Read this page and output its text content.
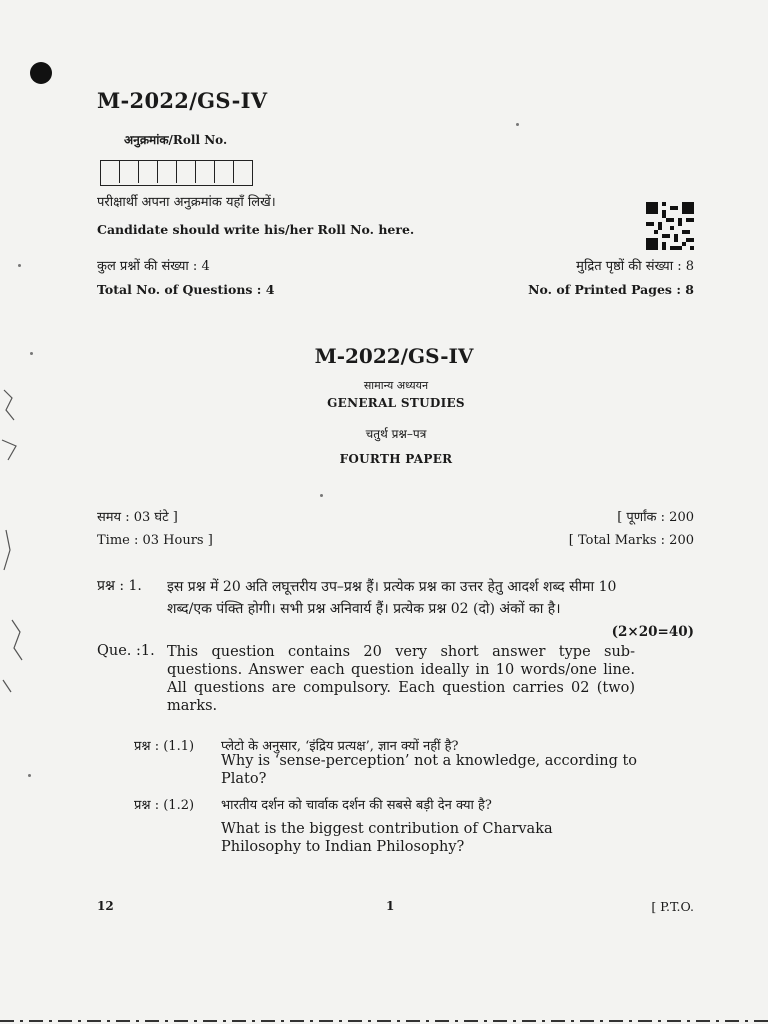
M-2022/GS-IV
अनुक्रमांक/Roll No.
परीक्षार्थी अपना अनुक्रमांक यहाँ लिखें।
Candidate should write his/her Roll No. here.
कुल प्रश्नों की संख्या : 4
Total No. of Questions : 4
मुद्रित पृष्ठों की संख्या : 8
No. of Printed Pages : 8
M-2022/GS-IV
सामान्य अध्ययन
GENERAL STUDIES
चतुर्थ प्रश्न–पत्र
FOURTH PAPER
समय : 03 घंटे ]
Time : 03 Hours ]
[ पूर्णांक : 200
[ Total Marks : 200
प्रश्न : 1. इस प्रश्न में 20 अति लघूत्तरीय उप–प्रश्न हैं। प्रत्येक प्रश्न का उत्तर हेतु आदर्श शब्द सीमा 10 शब्द/एक पंक्ति होगी। सभी प्रश्न अनिवार्य हैं। प्रत्येक प्रश्न 02 (दो) अंकों का है।
(2×20=40)
Que. :1. This question contains 20 very short answer type sub-questions. Answer each question ideally in 10 words/one line. All questions are compulsory. Each question carries 02 (two) marks.
प्रश्न : (1.1) प्लेटो के अनुसार, ‘इंद्रिय प्रत्यक्ष’, ज्ञान क्यों नहीं है?
Why is ‘sense-perception’ not a knowledge, according to Plato?
प्रश्न : (1.2) भारतीय दर्शन को चार्वाक दर्शन की सबसे बड़ी देन क्या है?
What is the biggest contribution of Charvaka Philosophy to Indian Philosophy?
12	1	[ P.T.O.
